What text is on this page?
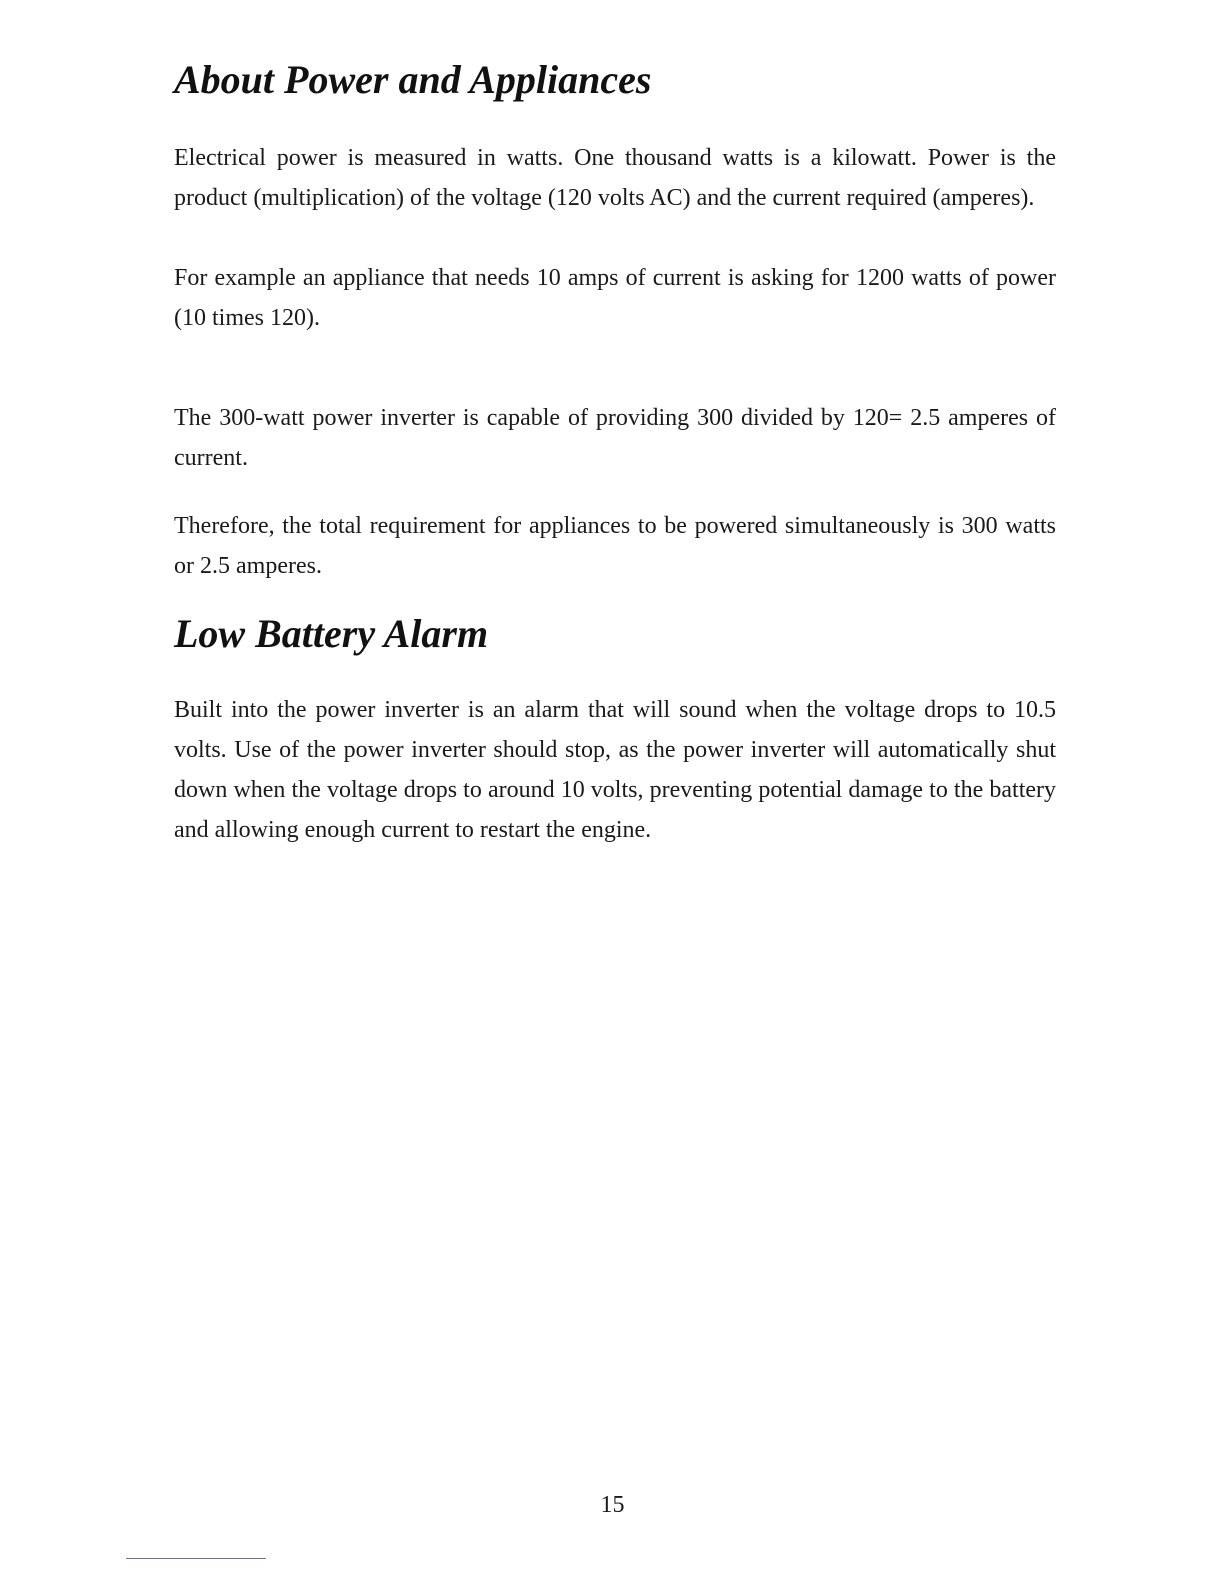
About Power and Appliances

Electrical power is measured in watts. One thousand watts is a kilowatt. Power is the product (multiplication) of the voltage (120 volts AC) and the current required (amperes).

For example an appliance that needs 10 amps of current is asking for 1200 watts of power (10 times 120).

The 300-watt power inverter is capable of providing 300 divided by 120= 2.5 amperes of current.

Therefore, the total requirement for appliances to be powered simultaneously is 300 watts or 2.5 amperes.

Low Battery Alarm

Built into the power inverter is an alarm that will sound when the voltage drops to 10.5 volts. Use of the power inverter should stop, as the power inverter will automatically shut down when the voltage drops to around 10 volts, preventing potential damage to the battery and allowing enough current to restart the engine.

15
